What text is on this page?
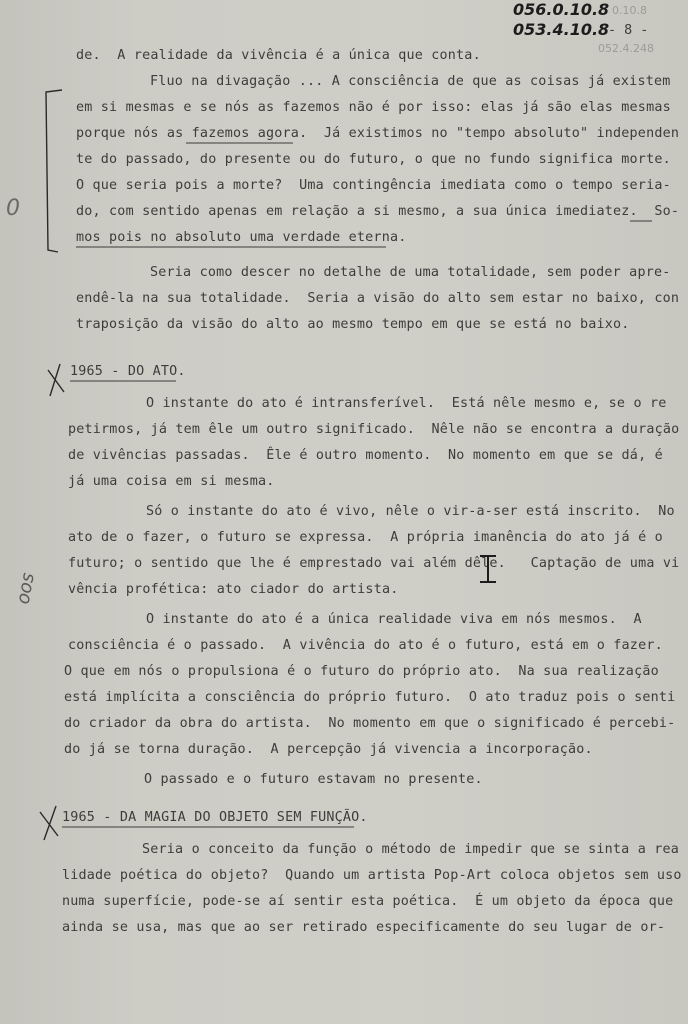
0.10.8
052.4.248
056.0.10.8
053.4.10.8
- 8 -
de.  A realidade da vivência é a única que conta.
Fluo na divagação ... A consciência de que as coisas já existem
em si mesmas e se nós as fazemos não é por isso: elas já são elas mesmas
porque nós as fazemos agora.  Já existimos no "tempo absoluto" independen
te do passado, do presente ou do futuro, o que no fundo significa morte.
O que seria pois a morte?  Uma contingência imediata como o tempo seria-
do, com sentido apenas em relação a si mesmo, a sua única imediatez.  So-
mos pois no absoluto uma verdade eterna.
Seria como descer no detalhe de uma totalidade, sem poder apre-
endê-la na sua totalidade.  Seria a visão do alto sem estar no baixo, con
traposição da visão do alto ao mesmo tempo em que se está no baixo.
1965 - DO ATO.
O instante do ato é intransferível.  Está nêle mesmo e, se o re
petirmos, já tem êle um outro significado.  Nêle não se encontra a duração
de vivências passadas.  Êle é outro momento.  No momento em que se dá, é
já uma coisa em si mesma.
Só o instante do ato é vivo, nêle o vir-a-ser está inscrito.  No
ato de o fazer, o futuro se expressa.  A própria imanência do ato já é o
futuro; o sentido que lhe é emprestado vai além dêle.   Captação de uma vi
vência profética: ato ciador do artista.
O instante do ato é a única realidade viva em nós mesmos.  A
consciência é o passado.  A vivência do ato é o futuro, está em o fazer.
O que em nós o propulsiona é o futuro do próprio ato.  Na sua realização
está implícita a consciência do próprio futuro.  O ato traduz pois o senti
do criador da obra do artista.  No momento em que o significado é percebi-
do já se torna duração.  A percepção já vivencia a incorporação.
O passado e o futuro estavam no presente.
1965 - DA MAGIA DO OBJETO SEM FUNÇÃO.
Seria o conceito da função o método de impedir que se sinta a rea
lidade poética do objeto?  Quando um artista Pop-Art coloca objetos sem uso
numa superfície, pode-se aí sentir esta poética.  É um objeto da época que
ainda se usa, mas que ao ser retirado especificamente do seu lugar de or-
0
oos
